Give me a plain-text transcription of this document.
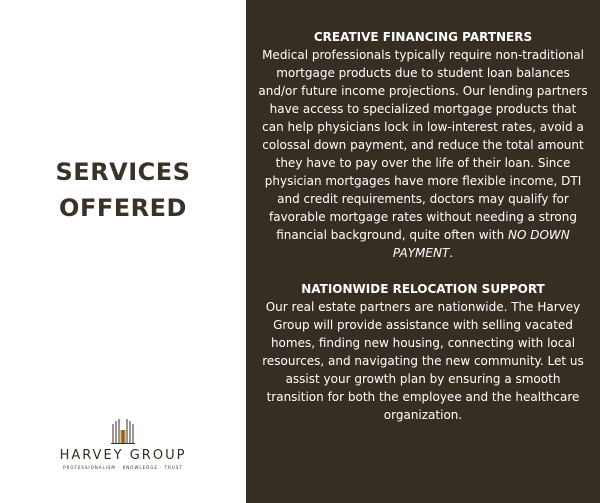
SERVICES
OFFERED
HARVEY GROUP
PROFESSIONALISM · KNOWLEDGE · TRUST

CREATIVE FINANCING PARTNERS

Medical professionals typically require non-traditional mortgage products due to student loan balances and/or future income projections. Our lending partners have access to specialized mortgage products that can help physicians lock in low-interest rates, avoid a colossal down payment, and reduce the total amount they have to pay over the life of their loan. Since physician mortgages have more flexible income, DTI and credit requirements, doctors may qualify for favorable mortgage rates without needing a strong financial background, quite often with NO DOWN PAYMENT.

NATIONWIDE RELOCATION SUPPORT

Our real estate partners are nationwide. The Harvey Group will provide assistance with selling vacated homes, finding new housing, connecting with local resources, and navigating the new community. Let us assist your growth plan by ensuring a smooth transition for both the employee and the healthcare organization.
